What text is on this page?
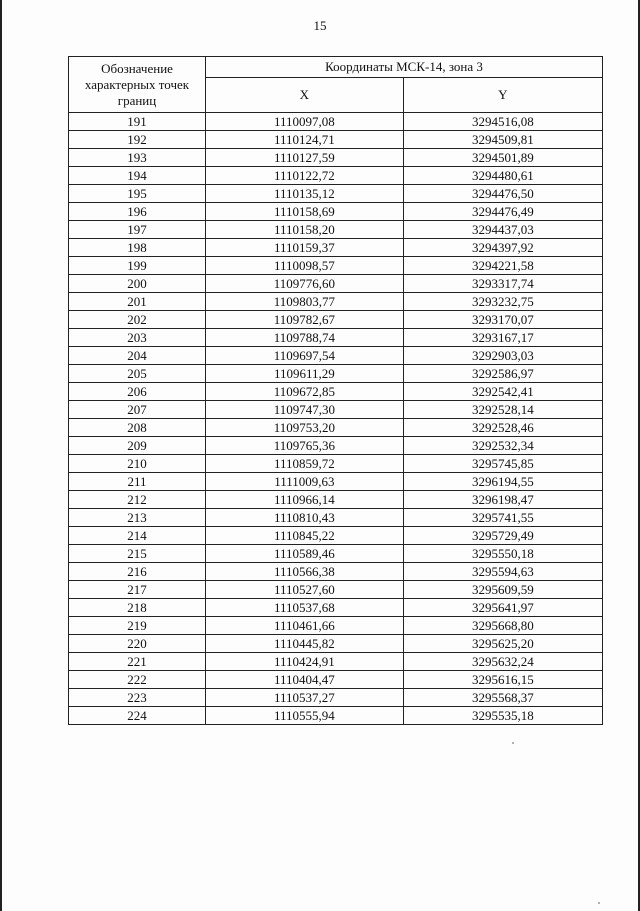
15
Обозначение характерных точек границ	Координаты МСК-14, зона 3	
	X	Y
191	1110097,08	3294516,08
192	1110124,71	3294509,81
193	1110127,59	3294501,89
194	1110122,72	3294480,61
195	1110135,12	3294476,50
196	1110158,69	3294476,49
197	1110158,20	3294437,03
198	1110159,37	3294397,92
199	1110098,57	3294221,58
200	1109776,60	3293317,74
201	1109803,77	3293232,75
202	1109782,67	3293170,07
203	1109788,74	3293167,17
204	1109697,54	3292903,03
205	1109611,29	3292586,97
206	1109672,85	3292542,41
207	1109747,30	3292528,14
208	1109753,20	3292528,46
209	1109765,36	3292532,34
210	1110859,72	3295745,85
211	1111009,63	3296194,55
212	1110966,14	3296198,47
213	1110810,43	3295741,55
214	1110845,22	3295729,49
215	1110589,46	3295550,18
216	1110566,38	3295594,63
217	1110527,60	3295609,59
218	1110537,68	3295641,97
219	1110461,66	3295668,80
220	1110445,82	3295625,20
221	1110424,91	3295632,24
222	1110404,47	3295616,15
223	1110537,27	3295568,37
224	1110555,94	3295535,18
